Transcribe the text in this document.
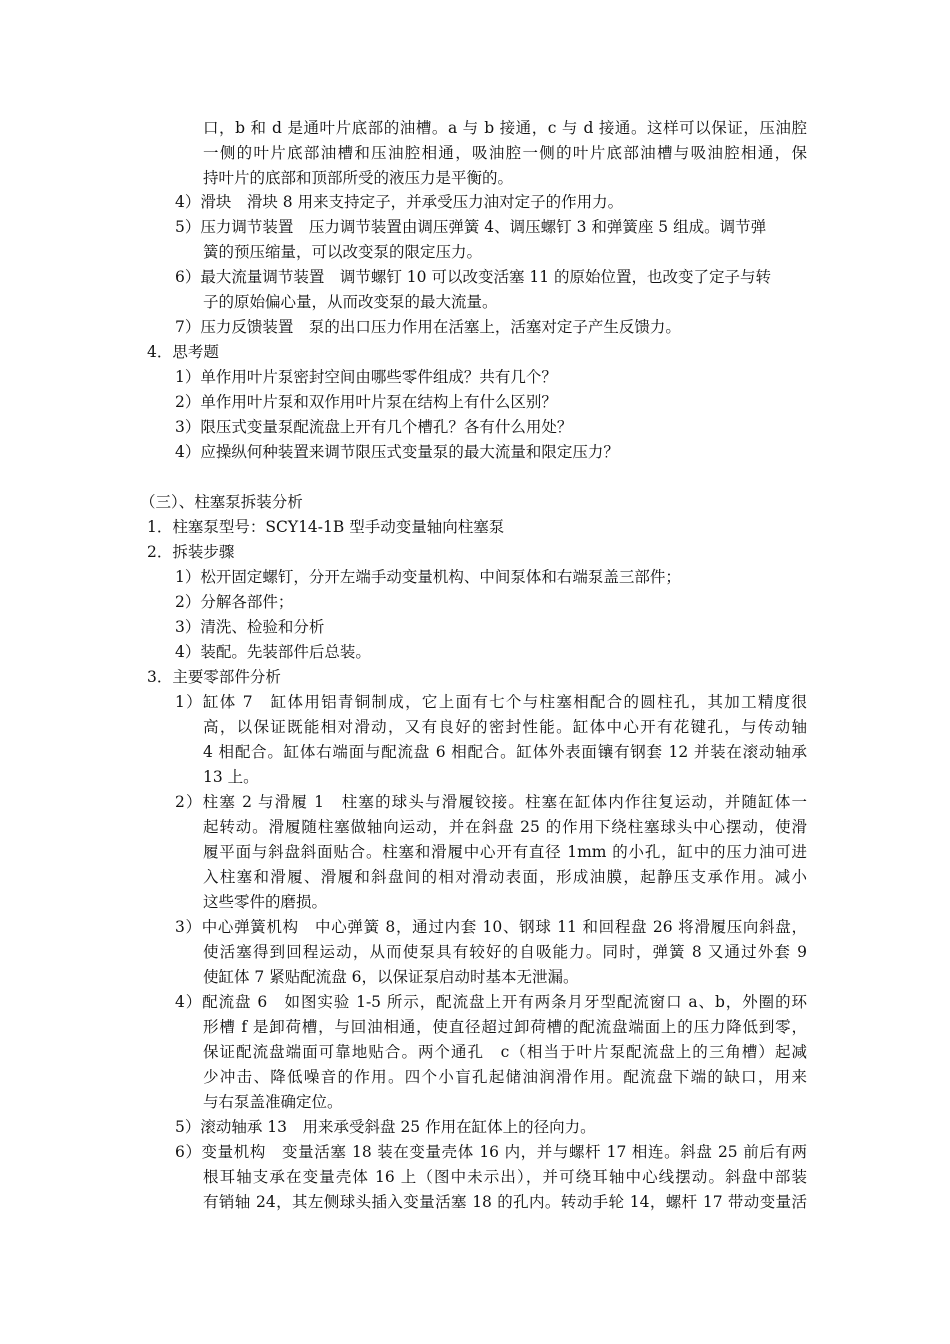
口，b 和 d 是通叶片底部的油槽。a 与 b 接通，c 与 d 接通。这样可以保证，压油腔
一侧的叶片底部油槽和压油腔相通，吸油腔一侧的叶片底部油槽与吸油腔相通，保
持叶片的底部和顶部所受的液压力是平衡的。
4）滑块　滑块 8 用来支持定子，并承受压力油对定子的作用力。
5）压力调节装置　压力调节装置由调压弹簧 4、调压螺钉 3 和弹簧座 5 组成。调节弹
簧的预压缩量，可以改变泵的限定压力。
6）最大流量调节装置　调节螺钉 10 可以改变活塞 11 的原始位置，也改变了定子与转
子的原始偏心量，从而改变泵的最大流量。
7）压力反馈装置　泵的出口压力作用在活塞上，活塞对定子产生反馈力。
4．思考题
1）单作用叶片泵密封空间由哪些零件组成？共有几个？
2）单作用叶片泵和双作用叶片泵在结构上有什么区别？
3）限压式变量泵配流盘上开有几个槽孔？各有什么用处？
4）应操纵何种装置来调节限压式变量泵的最大流量和限定压力？
（三）、柱塞泵拆装分析
1．柱塞泵型号：SCY14-1B 型手动变量轴向柱塞泵
2．拆装步骤
1）松开固定螺钉，分开左端手动变量机构、中间泵体和右端泵盖三部件；
2）分解各部件；
3）清洗、检验和分析
4）装配。先装部件后总装。
3．主要零部件分析
1）缸体 7　缸体用铝青铜制成，它上面有七个与柱塞相配合的圆柱孔，其加工精度很
高，以保证既能相对滑动，又有良好的密封性能。缸体中心开有花键孔，与传动轴
4 相配合。缸体右端面与配流盘 6 相配合。缸体外表面镶有钢套 12 并装在滚动轴承
13 上。
2）柱塞 2 与滑履 1　柱塞的球头与滑履铰接。柱塞在缸体内作往复运动，并随缸体一
起转动。滑履随柱塞做轴向运动，并在斜盘 25 的作用下绕柱塞球头中心摆动，使滑
履平面与斜盘斜面贴合。柱塞和滑履中心开有直径 1mm 的小孔，缸中的压力油可进
入柱塞和滑履、滑履和斜盘间的相对滑动表面，形成油膜，起静压支承作用。减小
这些零件的磨损。
3）中心弹簧机构　中心弹簧 8，通过内套 10、钢球 11 和回程盘 26 将滑履压向斜盘，
使活塞得到回程运动，从而使泵具有较好的自吸能力。同时，弹簧 8 又通过外套 9
使缸体 7 紧贴配流盘 6，以保证泵启动时基本无泄漏。
4）配流盘 6　如图实验 1-5 所示，配流盘上开有两条月牙型配流窗口 a、b，外圈的环
形槽 f 是卸荷槽，与回油相通，使直径超过卸荷槽的配流盘端面上的压力降低到零，
保证配流盘端面可靠地贴合。两个通孔　c（相当于叶片泵配流盘上的三角槽）起减
少冲击、降低噪音的作用。四个小盲孔起储油润滑作用。配流盘下端的缺口，用来
与右泵盖准确定位。
5）滚动轴承 13　用来承受斜盘 25 作用在缸体上的径向力。
6）变量机构　变量活塞 18 装在变量壳体 16 内，并与螺杆 17 相连。斜盘 25 前后有两
根耳轴支承在变量壳体 16 上（图中未示出），并可绕耳轴中心线摆动。斜盘中部装
有销轴 24，其左侧球头插入变量活塞 18 的孔内。转动手轮 14，螺杆 17 带动变量活
